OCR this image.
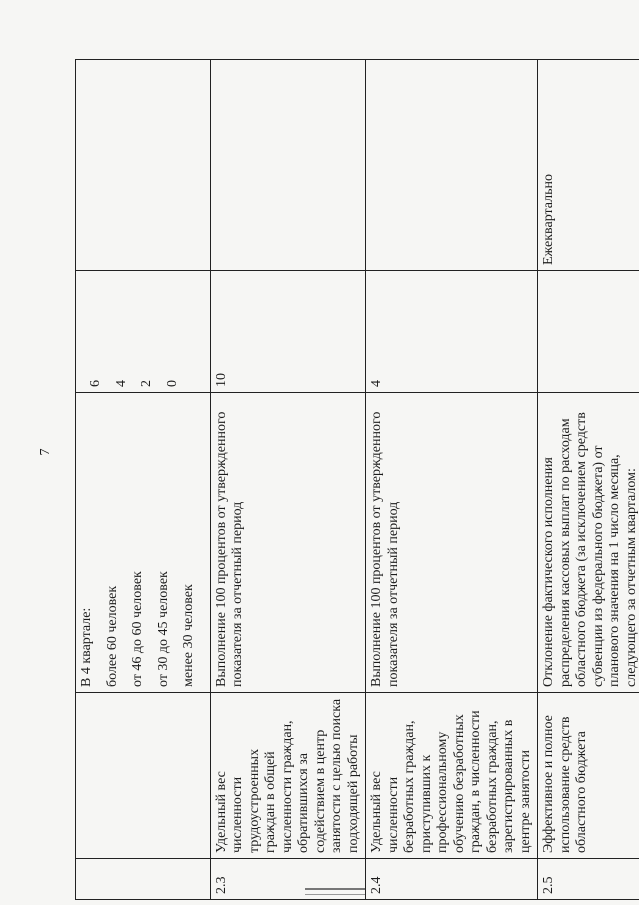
7

		В 4 квартале: более 60 человек от 46 до 60 человек от 30 до 45 человек менее 30 человек	6 4 2 0	

2.3	Удельный вес численности трудоустроенных граждан в общей численности граждан, обратившихся за содействием в центр занятости с целью поиска подходящей работы	Выполнение 100 процентов от утвержденного показателя за отчетный период	10	
2.4	Удельный вес численности безработных граждан, приступивших к профессиональному обучению безработных граждан, в численности безработных граждан, зарегистрированных в центре занятости	Выполнение 100 процентов от утвержденного показателя за отчетный период	4	
2.5	Эффективное и полное использование средств областного бюджета	Отклонение фактического исполнения распределения кассовых выплат по расходам областного бюджета (за исключением средств субвенции из федерального бюджета) от планового значения на 1 число месяца, следующего за отчетным кварталом:		Ежеквартально
